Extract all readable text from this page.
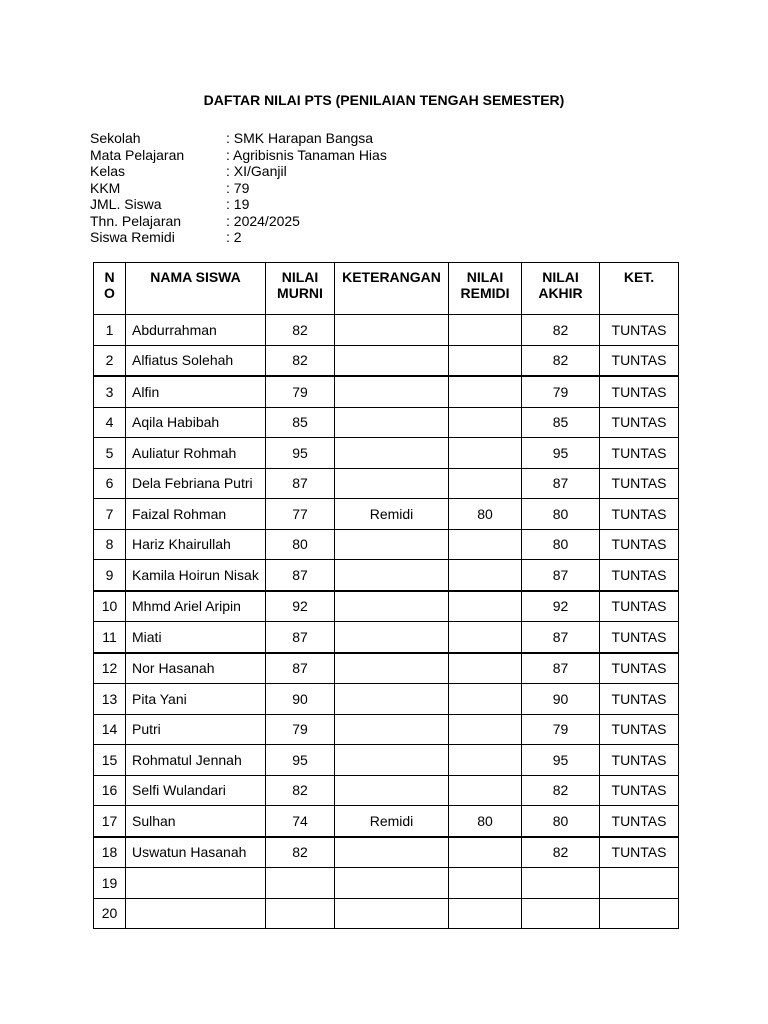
DAFTAR NILAI PTS (PENILAIAN TENGAH SEMESTER)
Sekolah	: SMK Harapan Bangsa
Mata Pelajaran	: Agribisnis Tanaman Hias
Kelas	: XI/Ganjil
KKM	: 79
JML. Siswa	: 19
Thn. Pelajaran	: 2024/2025
Siswa Remidi	: 2
N O	NAMA SISWA	NILAI MURNI	KETERANGAN	NILAI REMIDI	NILAI AKHIR	KET.
1	Abdurrahman	82			82	TUNTAS
2	Alfiatus Solehah	82			82	TUNTAS
3	Alfin	79			79	TUNTAS
4	Aqila Habibah	85			85	TUNTAS
5	Auliatur Rohmah	95			95	TUNTAS
6	Dela Febriana Putri	87			87	TUNTAS
7	Faizal Rohman	77	Remidi	80	80	TUNTAS
8	Hariz Khairullah	80			80	TUNTAS
9	Kamila Hoirun Nisak	87			87	TUNTAS
10	Mhmd Ariel Aripin	92			92	TUNTAS
11	Miati	87			87	TUNTAS
12	Nor Hasanah	87			87	TUNTAS
13	Pita Yani	90			90	TUNTAS
14	Putri	79			79	TUNTAS
15	Rohmatul Jennah	95			95	TUNTAS
16	Selfi Wulandari	82			82	TUNTAS
17	Sulhan	74	Remidi	80	80	TUNTAS
18	Uswatun Hasanah	82			82	TUNTAS
19						
20						
